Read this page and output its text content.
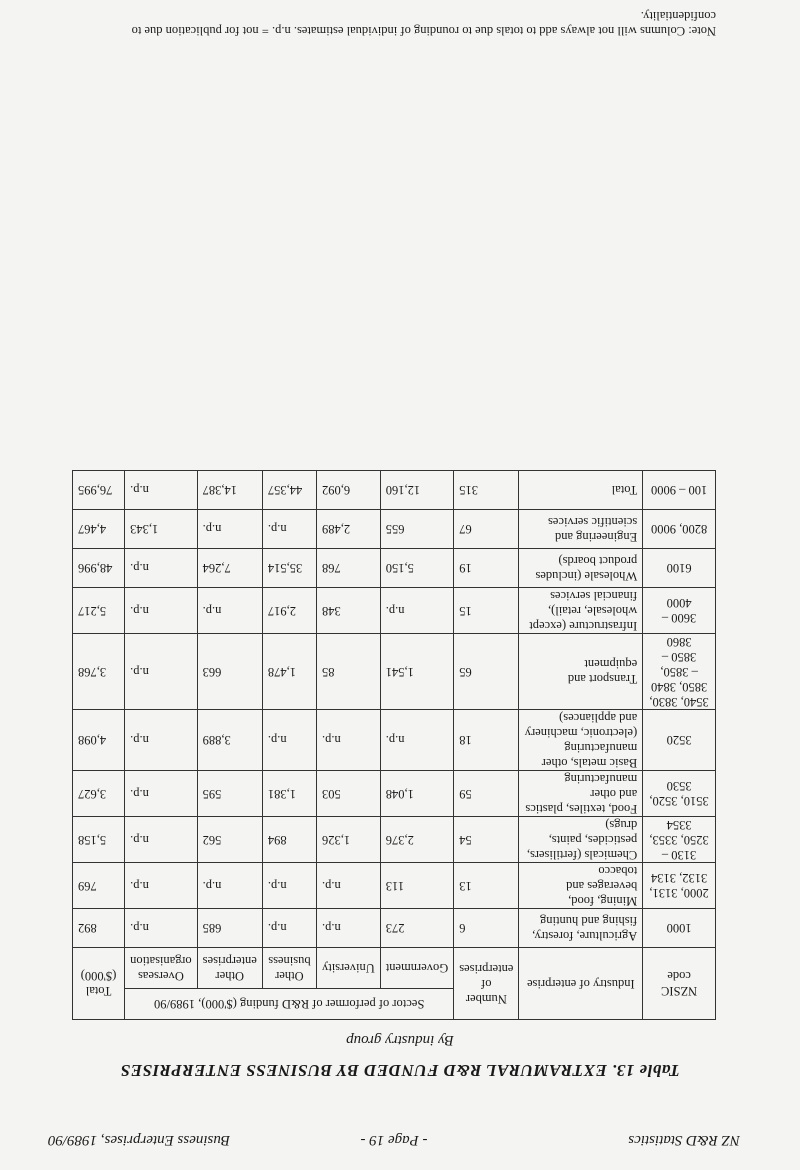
NZ R&D Statistics
- Page 19 -
Business Enterprises, 1989/90
Table 13. EXTRAMURAL R&D FUNDED BY BUSINESS ENTERPRISES
By industry group
NZSIC code	Industry of enterprise	Number of enterprises	Sector of performer of R&D funding ($'000), 1989/90					Total ($'000)
			Government	University	Other business	Other enterprises	Overseas organisation	
1000	Agriculture, forestry, fishing and hunting	6	273	n.p.	n.p.	685	n.p.	892
2000, 3131, 3132, 3134	Mining, food, beverages and tobacco	13	113	n.p.	n.p.	n.p.	n.p.	769
3130 – 3250, 3353, 3354	Chemicals (fertilisers, pesticides, paints, drugs)	54	2,376	1,326	894	562	n.p.	5,158
3510, 3520, 3530	Food, textiles, plastics and other manufacturing	59	1,048	503	1,381	595	n.p.	3,627
3520	Basic metals, other manufacturing (electronic, machinery and appliances)	18	n.p.	n.p.	n.p.	3,889	n.p.	4,098
3540, 3830, 3850, 3840 – 3850, 3850 – 3860	Transport and equipment	65	1,541	85	1,478	663	n.p.	3,768
3600 – 4000	Infrastructure (except wholesale, retail), financial services	15	n.p.	348	2,917	n.p.	n.p.	5,217
6100	Wholesale (includes product boards)	19	5,150	768	35,514	7,264	n.p.	48,996
8200, 9000	Engineering and scientific services	67	655	2,489	n.p.	n.p.	1,343	4,467
100 – 9000	Total	315	12,160	6,092	44,357	14,387	n.p.	76,995
Note: Columns will not always add to totals due to rounding of individual estimates. n.p. = not for publication due to confidentiality.
